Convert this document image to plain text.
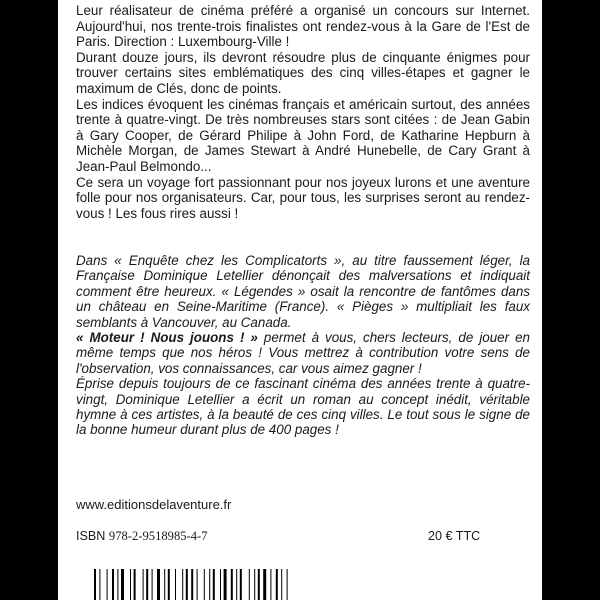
Leur réalisateur de cinéma préféré a organisé un concours sur Internet. Aujourd'hui, nos trente-trois finalistes ont rendez-vous à la Gare de l'Est de Paris. Direction : Luxembourg-Ville !
Durant douze jours, ils devront résoudre plus de cinquante énigmes pour trouver certains sites emblématiques des cinq villes-étapes et gagner le maximum de Clés, donc de points.
Les indices évoquent les cinémas français et américain surtout, des années trente à quatre-vingt. De très nombreuses stars sont citées : de Jean Gabin à Gary Cooper, de Gérard Philipe à John Ford, de Katharine Hepburn à Michèle Morgan, de James Stewart à André Hunebelle, de Cary Grant à Jean-Paul Belmondo...
Ce sera un voyage fort passionnant pour nos joyeux lurons et une aventure folle pour nos organisateurs. Car, pour tous, les surprises seront au rendez-vous ! Les fous rires aussi !
Dans « Enquête chez les Complicatorts », au titre faussement léger, la Française Dominique Letellier dénonçait des malversations et indiquait comment être heureux. « Légendes » osait la rencontre de fantômes dans un château en Seine-Maritime (France). « Pièges » multipliait les faux semblants à Vancouver, au Canada.
« Moteur ! Nous jouons ! » permet à vous, chers lecteurs, de jouer en même temps que nos héros ! Vous mettrez à contribution votre sens de l'observation, vos connaissances, car vous aimez gagner !
Éprise depuis toujours de ce fascinant cinéma des années trente à quatre-vingt, Dominique Letellier a écrit un roman au concept inédit, véritable hymne à ces artistes, à la beauté de ces cinq villes. Le tout sous le signe de la bonne humeur durant plus de 400 pages !
www.editionsdelaventure.fr
ISBN 978-2-9518985-4-7	20 € TTC
